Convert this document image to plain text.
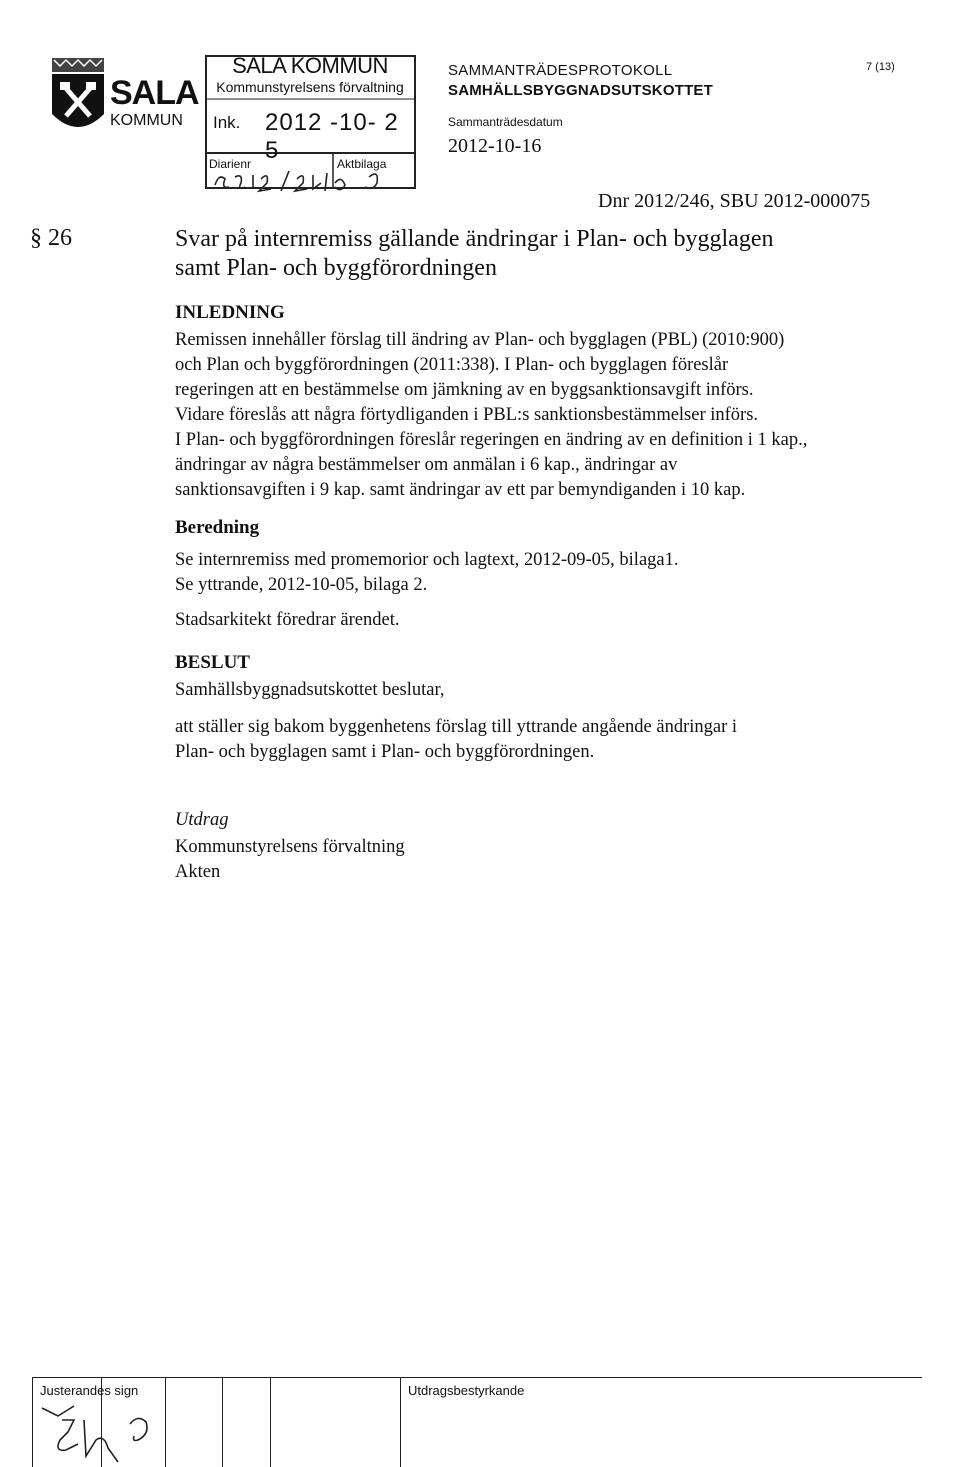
SALA
KOMMUN
SALA KOMMUN
Kommunstyrelsens förvaltning
Ink. 2012 -10- 2 5
Diarienr	Aktbilaga
SAMMANTRÄDESPROTOKOLL
SAMHÄLLSBYGGNADSUTSKOTTET
Sammanträdesdatum
2012-10-16
7 (13)
Dnr 2012/246, SBU 2012-000075
§ 26	Svar på internremiss gällande ändringar i Plan- och bygglagen
samt Plan- och byggförordningen
INLEDNING
Remissen innehåller förslag till ändring av Plan- och bygglagen (PBL) (2010:900)
och Plan och byggförordningen (2011:338). I Plan- och bygglagen föreslår
regeringen att en bestämmelse om jämkning av en byggsanktionsavgift införs.
Vidare föreslås att några förtydliganden i PBL:s sanktionsbestämmelser införs.
I Plan- och byggförordningen föreslår regeringen en ändring av en definition i 1 kap.,
ändringar av några bestämmelser om anmälan i 6 kap., ändringar av
sanktionsavgiften i 9 kap. samt ändringar av ett par bemyndiganden i 10 kap.
Beredning
Se internremiss med promemorior och lagtext, 2012-09-05, bilaga1.
Se yttrande, 2012-10-05, bilaga 2.
Stadsarkitekt föredrar ärendet.
BESLUT
Samhällsbyggnadsutskottet beslutar,
att ställer sig bakom byggenhetens förslag till yttrande angående ändringar i
Plan- och bygglagen samt i Plan- och byggförordningen.
Utdrag
Kommunstyrelsens förvaltning
Akten
Justerandes sign	Utdragsbestyrkande
